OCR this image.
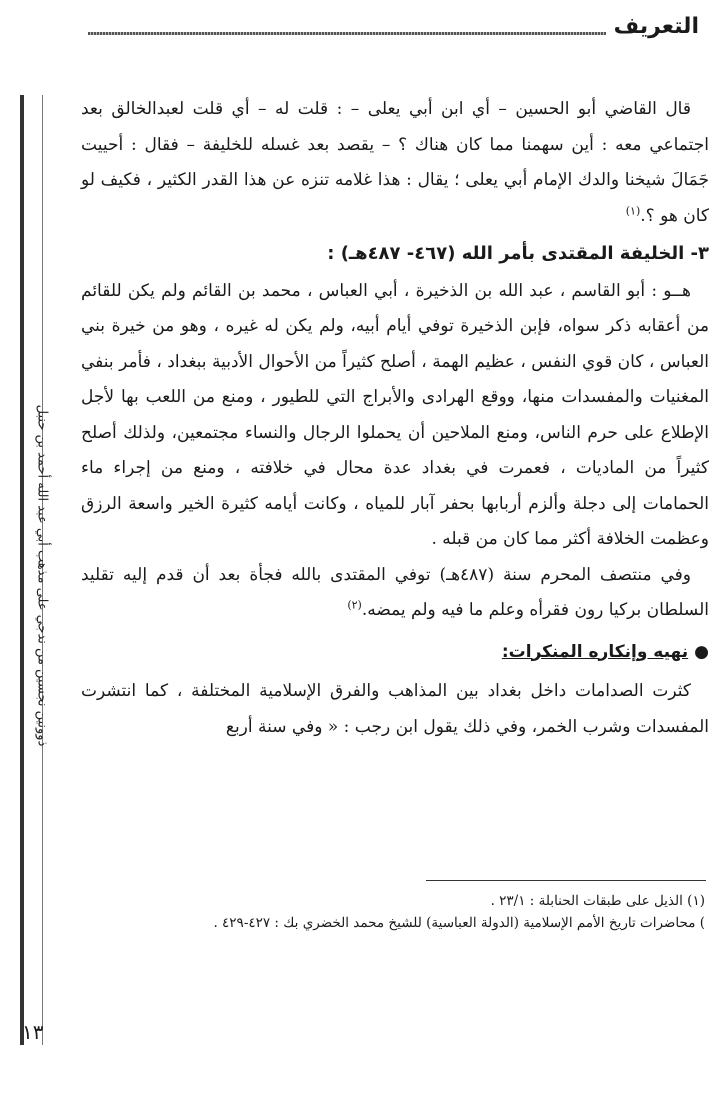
التعريف
ذوونين نجسين من ندجي على مذهب أبي عبد الله أحمد بن حنبل

قال القاضي أبو الحسين – أي ابن أبي يعلى – : قلت له – أي قلت لعبدالخالق بعد اجتماعي معه : أين سهمنا مما كان هناك ؟ – يقصد بعد غسله للخليفة – فقال : أحييت جَمَالَ شيخنا والدك الإمام أبي يعلى ؛ يقال : هذا غلامه تنزه عن هذا القدر الكثير ، فكيف لو كان هو ؟.$^{(١)}$

٣- الخليفة المقتدى بأمر الله (٤٦٧- ٤٨٧هـ) :

هــو : أبو القاسم ، عبد الله بن الذخيرة ، أبي العباس ، محمد بن القائم ولم يكن للقائم من أعقابه ذكر سواه، فإبن الذخيرة توفي أيام أبيه، ولم يكن له غيره ، وهو من خيرة بني العباس ، كان قوي النفس ، عظيم الهمة ، أصلح كثيراً من الأحوال الأدبية ببغداد ، فأمر بنفي المغنيات والمفسدات منها، ووقع الهرادى والأبراج التي للطيور ، ومنع من اللعب بها لأجل الإطلاع على حرم الناس، ومنع الملاحين أن يحملوا الرجال والنساء مجتمعين، ولذلك أصلح كثيراً من الماديات ، فعمرت في بغداد عدة محال في خلافته ، ومنع من إجراء ماء الحمامات إلى دجلة وألزم أربابها بحفر آبار للمياه ، وكانت أيامه كثيرة الخير واسعة الرزق وعظمت الخلافة أكثر مما كان من قبله .

وفي منتصف المحرم سنة (٤٨٧هـ) توفي المقتدى بالله فجأة بعد أن قدم إليه تقليد السلطان بركيا رون فقرأه وعلم ما فيه ولم يمضه.$^{(٢)}$

●نهيه وإنكاره المنكرات:

كثرت الصدامات داخل بغداد بين المذاهب والفرق الإسلامية المختلفة ، كما انتشرت المفسدات وشرب الخمر، وفي ذلك يقول ابن رجب : « وفي سنة أربع

(١) الذيل على طبقات الحنابلة : ٢٣/١ .

) محاضرات تاريخ الأمم الإسلامية (الدولة العباسية) للشيخ محمد الخضري بك : ٤٢٧-٤٢٩ .

١٣
